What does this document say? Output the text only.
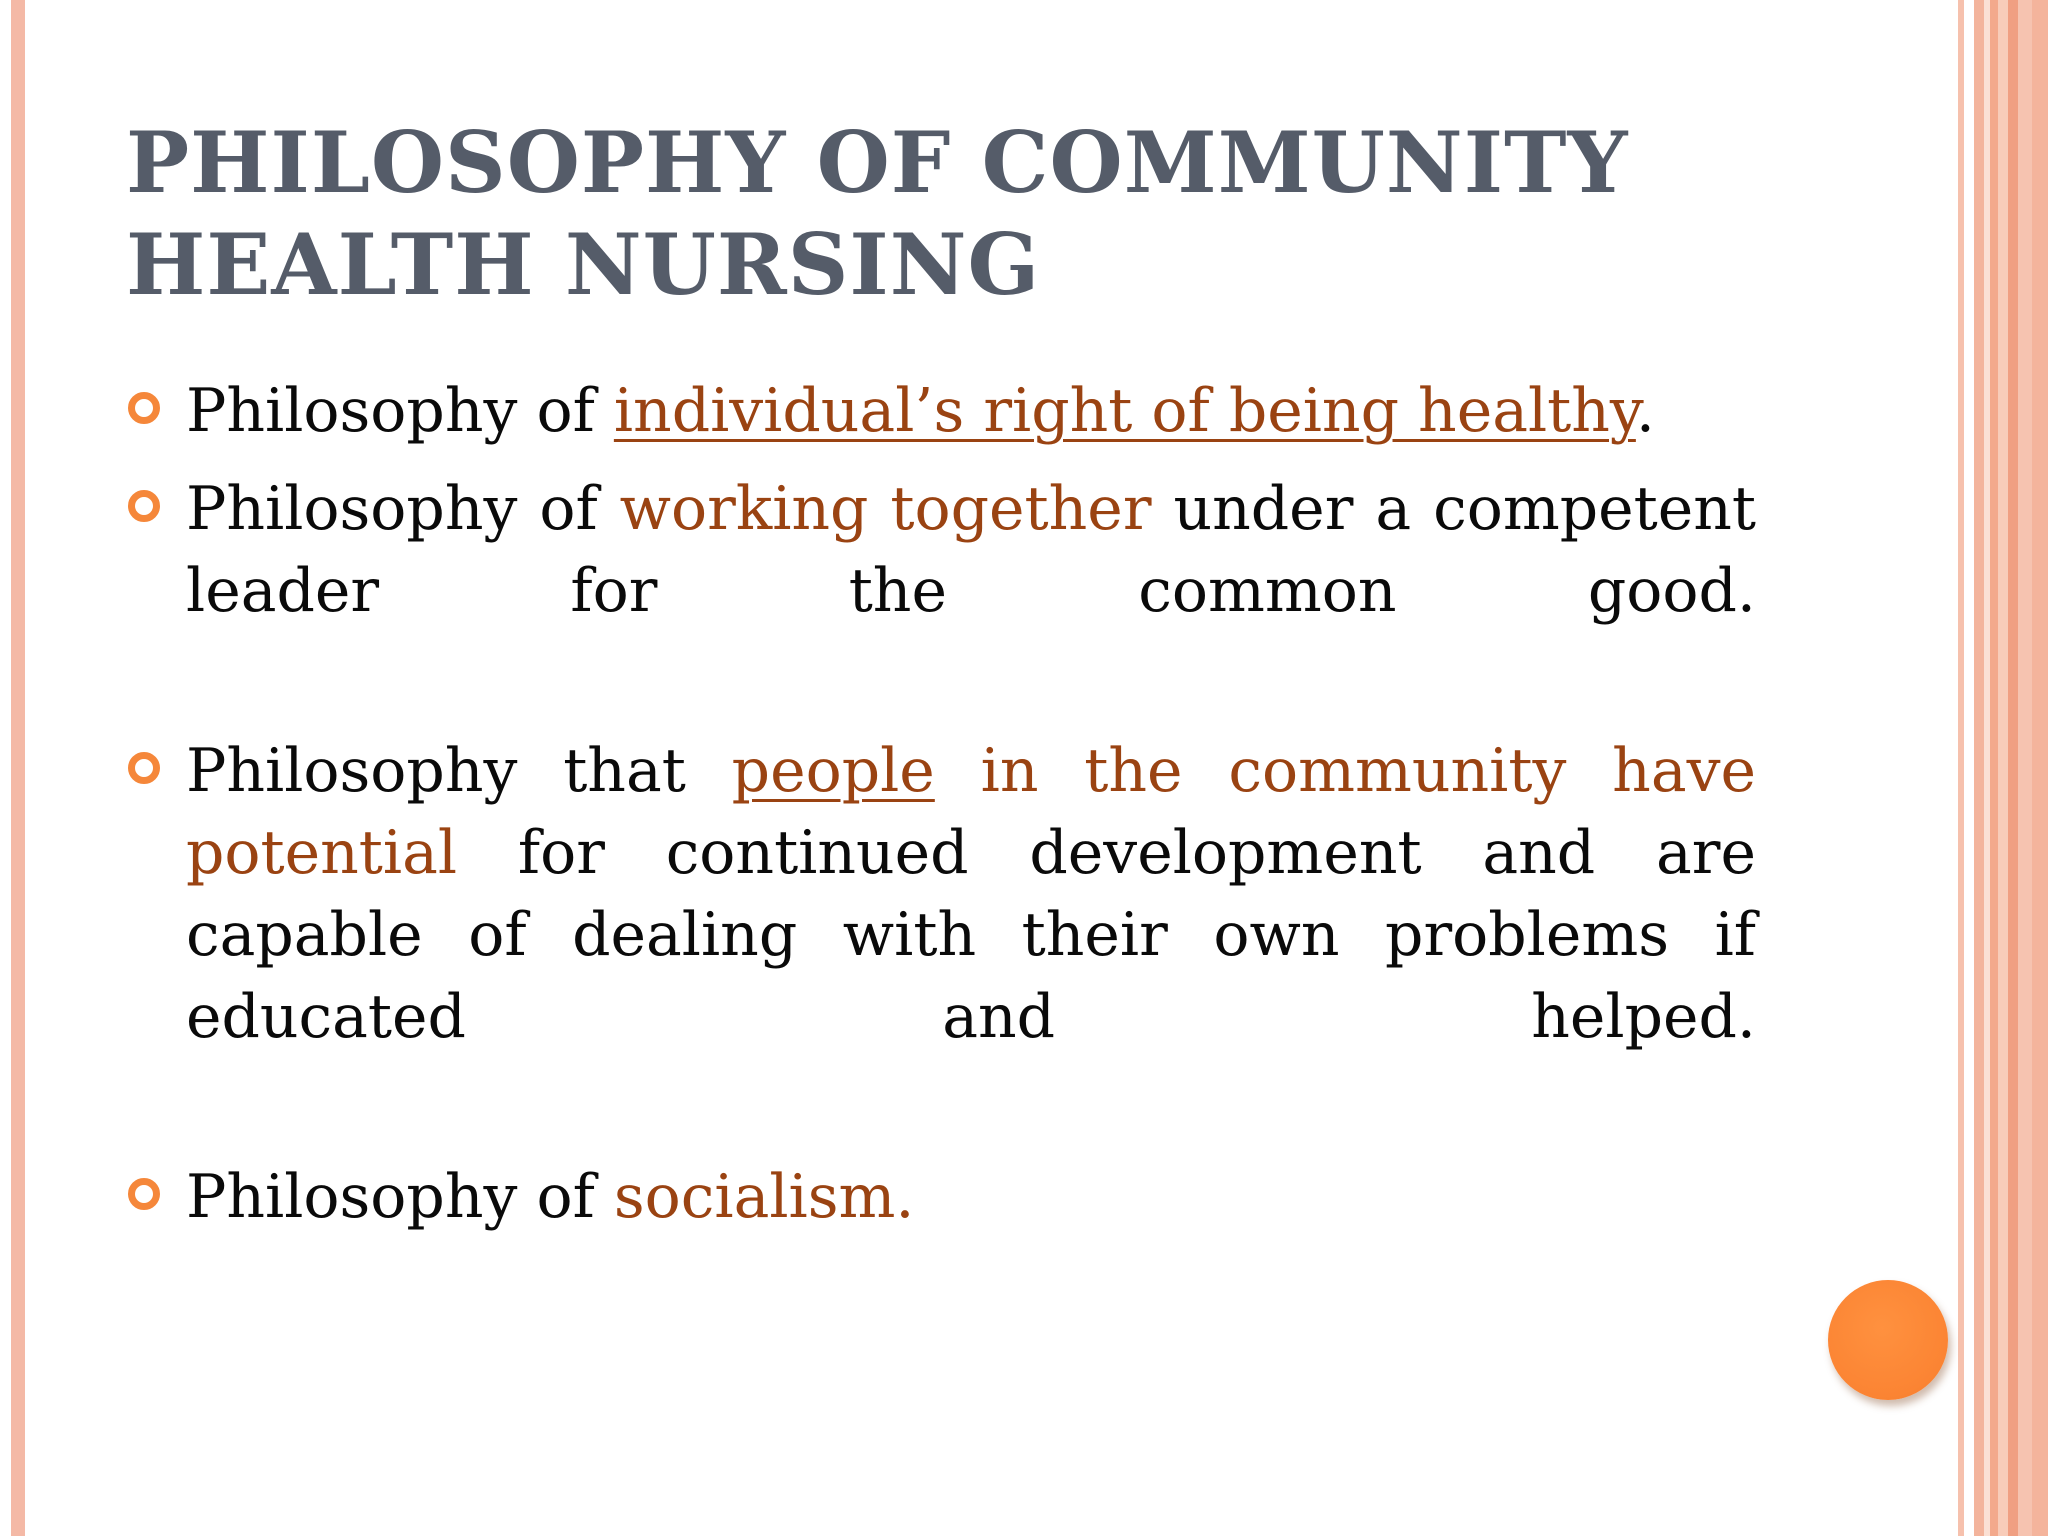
PHILOSOPHY OF COMMUNITY
HEALTH NURSING
Philosophy of individual’s right of being healthy.
Philosophy of working together under a competent leader for the common good.
Philosophy that people in the community have potential for continued development and are capable of dealing with their own problems if educated and helped.
Philosophy of socialism.
